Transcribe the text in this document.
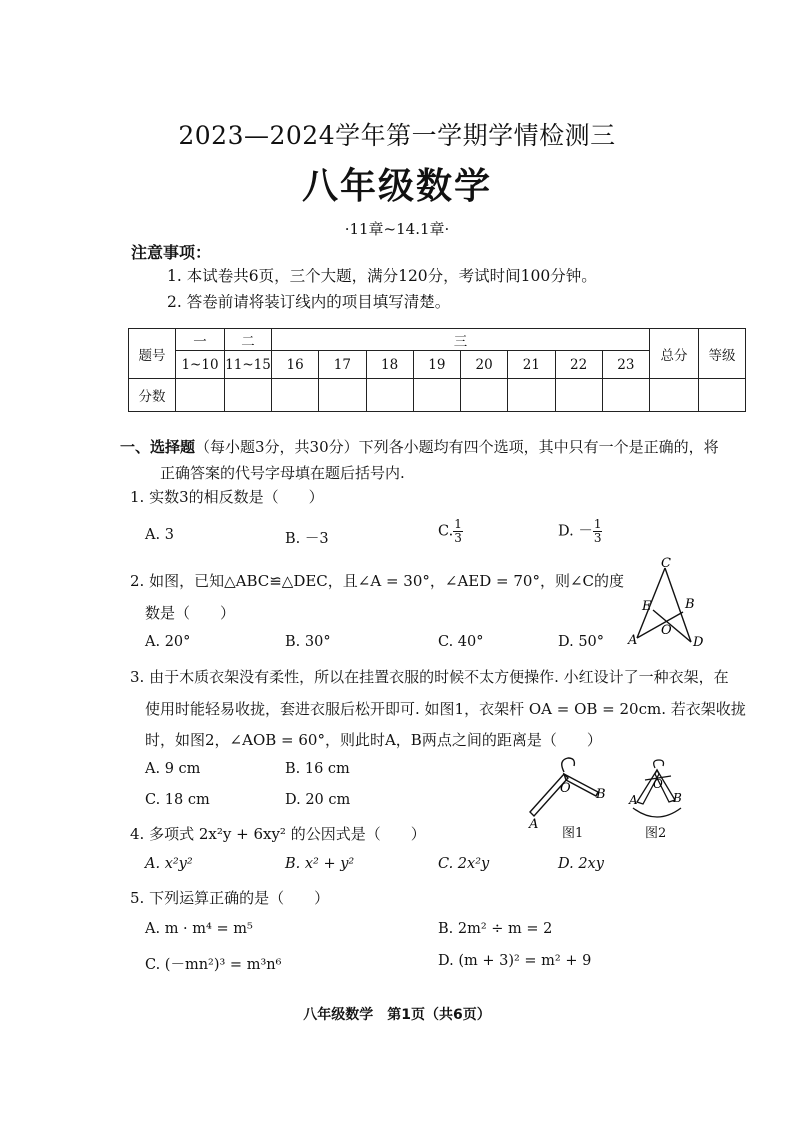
2023—2024学年第一学期学情检测三
八年级数学
·11章~14.1章·
注意事项：
1. 本试卷共6页，三个大题，满分120分，考试时间100分钟。
2. 答卷前请将装订线内的项目填写清楚。
题号	一	二	三								总分	等级
	1~10	11~15	16	17	18	19	20	21	22	23		
分数												
一、选择题（每小题3分，共30分）下列各小题均有四个选项，其中只有一个是正确的，将
正确答案的代号字母填在题后括号内.
1. 实数3的相反数是（　　）
A. 3	B. －3	C. $\frac{1}{3}$	D. － $\frac{1}{3}$
2. 如图，已知△ABC≌△DEC，且∠A = 30°，∠AED = 70°，则∠C的度
数是（　　）
A. 20°	B. 30°	C. 40°	D. 50°
C
E	B
O
A	D
3. 由于木质衣架没有柔性，所以在挂置衣服的时候不太方便操作. 小红设计了一种衣架，在
使用时能轻易收拢，套进衣服后松开即可. 如图1，衣架杆 OA = OB = 20cm. 若衣架收拢
时，如图2，∠AOB = 60°，则此时A，B两点之间的距离是（　　）
A. 9 cm	B. 16 cm
C. 18 cm	D. 20 cm
O B
A
图1
O
A	B
图2
4. 多项式 2x²y + 6xy² 的公因式是（　　）
A. x²y²	B. x² + y²	C. 2x²y	D. 2xy
5. 下列运算正确的是（　　）
A. m · m⁴ = m⁵	B. 2m² ÷ m = 2
C. (－mn²)³ = m³n⁶	D. (m + 3)² = m² + 9
八年级数学　第1页（共6页）
